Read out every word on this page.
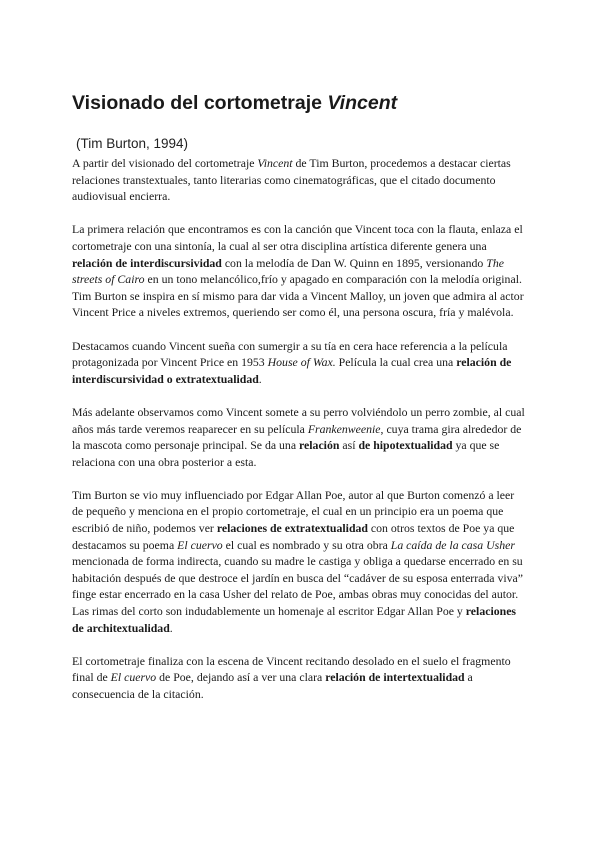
Visionado del cortometraje Vincent
(Tim Burton, 1994)

A partir del visionado del cortometraje Vincent de Tim Burton, procedemos a destacar ciertas relaciones transtextuales, tanto literarias como cinematográficas, que el citado documento audiovisual encierra.

La primera relación que encontramos es con la canción que Vincent toca con la flauta, enlaza el cortometraje con una sintonía, la cual al ser otra disciplina artística diferente genera una relación de interdiscursividad con la melodía de Dan W. Quinn en 1895, versionando The streets of Cairo en un tono melancólico,frío y apagado en comparación con la melodía original. Tim Burton se inspira en sí mismo para dar vida a Vincent Malloy, un joven que admira al actor Vincent Price a niveles extremos, queriendo ser como él, una persona oscura, fría y malévola.

Destacamos cuando Vincent sueña con sumergir a su tía en cera hace referencia a la película protagonizada por Vincent Price en 1953 House of Wax. Película la cual crea una relación de interdiscursividad o extratextualidad.

Más adelante observamos como Vincent somete a su perro volviéndolo un perro zombie, al cual años más tarde veremos reaparecer en su película Frankenweenie, cuya trama gira alrededor de la mascota como personaje principal. Se da una relación así de hipotextualidad ya que se relaciona con una obra posterior a esta.

Tim Burton se vio muy influenciado por Edgar Allan Poe, autor al que Burton comenzó a leer de pequeño y menciona en el propio cortometraje, el cual en un principio era un poema que escribió de niño, podemos ver relaciones de extratextualidad con otros textos de Poe ya que destacamos su poema El cuervo el cual es nombrado y su otra obra La caída de la casa Usher mencionada de forma indirecta, cuando su madre le castiga y obliga a quedarse encerrado en su habitación después de que destroce el jardín en busca del “cadáver de su esposa enterrada viva” finge estar encerrado en la casa Usher del relato de Poe, ambas obras muy conocidas del autor. Las rimas del corto son indudablemente un homenaje al escritor Edgar Allan Poe y relaciones de architextualidad.

El cortometraje finaliza con la escena de Vincent recitando desolado en el suelo el fragmento final de El cuervo de Poe, dejando así a ver una clara relación de intertextualidad a consecuencia de la citación.
